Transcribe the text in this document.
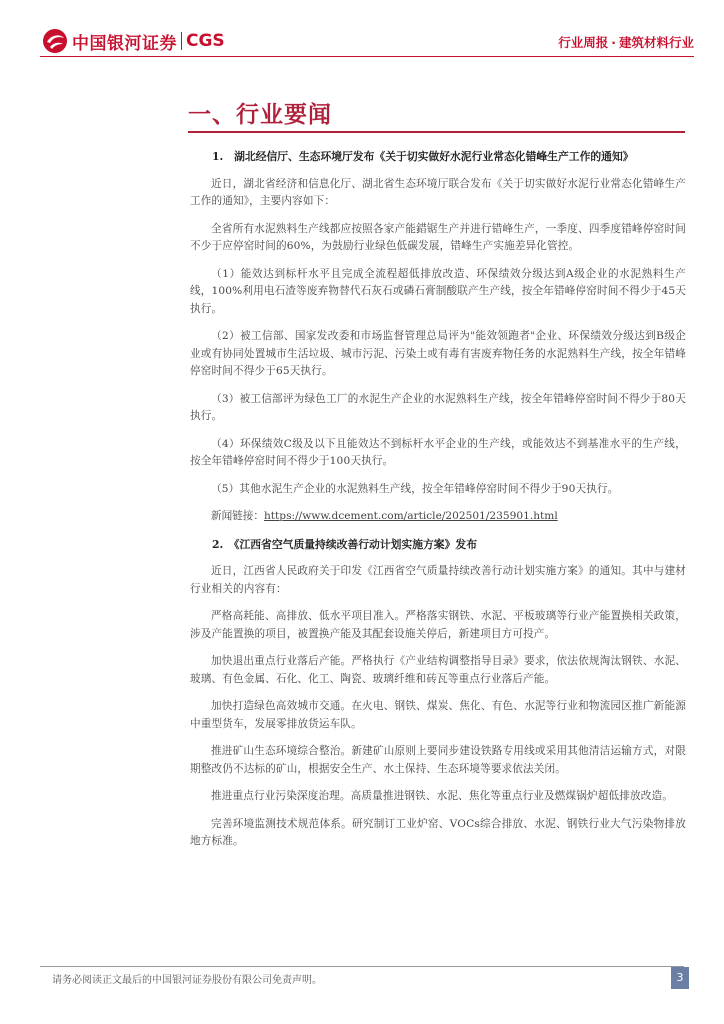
中国银河证券 CGS	行业周报 · 建筑材料行业
一、行业要闻

1.　湖北经信厅、生态环境厅发布《关于切实做好水泥行业常态化错峰生产工作的通知》

近日，湖北省经济和信息化厅、湖北省生态环境厅联合发布《关于切实做好水泥行业常态化错峰生产工作的通知》，主要内容如下：

全省所有水泥熟料生产线都应按照各家产能錯锯生产并进行错峰生产，一季度、四季度错峰停窑时间不少于应停窑时间的60%，为鼓励行业绿色低碳发展，错峰生产实施差异化管控。

（1）能效达到标杆水平且完成全流程超低排放改造、环保绩效分级达到A级企业的水泥熟料生产线，100%利用电石渣等废弃物替代石灰石或磷石膏制酸联产生产线，按全年错峰停窑时间不得少于45天执行。

（2）被工信部、国家发改委和市场监督管理总局评为"能效领跑者"企业、环保绩效分级达到B级企业或有协同处置城市生活垃圾、城市污泥、污染土或有毒有害废弃物任务的水泥熟料生产线，按全年错峰停窑时间不得少于65天执行。

（3）被工信部评为绿色工厂的水泥生产企业的水泥熟料生产线，按全年错峰停窑时间不得少于80天执行。

（4）环保绩效C级及以下且能效达不到标杆水平企业的生产线，或能效达不到基准水平的生产线，按全年错峰停窑时间不得少于100天执行。

（5）其他水泥生产企业的水泥熟料生产线，按全年错峰停窑时间不得少于90天执行。

新闻链接：https://www.dcement.com/article/202501/235901.html

2.　《江西省空气质量持续改善行动计划实施方案》发布

近日，江西省人民政府关于印发《江西省空气质量持续改善行动计划实施方案》的通知。其中与建材行业相关的内容有：

严格高耗能、高排放、低水平项目准入。严格落实钢铁、水泥、平板玻璃等行业产能置换相关政策，涉及产能置换的项目，被置换产能及其配套设施关停后，新建项目方可投产。

加快退出重点行业落后产能。严格执行《产业结构调整指导目录》要求，依法依规淘汰钢铁、水泥、玻璃、有色金属、石化、化工、陶瓷、玻璃纤维和砖瓦等重点行业落后产能。

加快打造绿色高效城市交通。在火电、钢铁、煤炭、焦化、有色、水泥等行业和物流园区推广新能源中重型货车，发展零排放货运车队。

推进矿山生态环境综合整治。新建矿山原则上要同步建设铁路专用线或采用其他清洁运输方式，对限期整改仍不达标的矿山，根据安全生产、水土保持、生态环境等要求依法关闭。

推进重点行业污染深度治理。高质量推进钢铁、水泥、焦化等重点行业及燃煤锅炉超低排放改造。

完善环境监测技术规范体系。研究制订工业炉窑、VOCs综合排放、水泥、钢铁行业大气污染物排放地方标准。

请务必阅读正文最后的中国银河证券股份有限公司免责声明。	3
